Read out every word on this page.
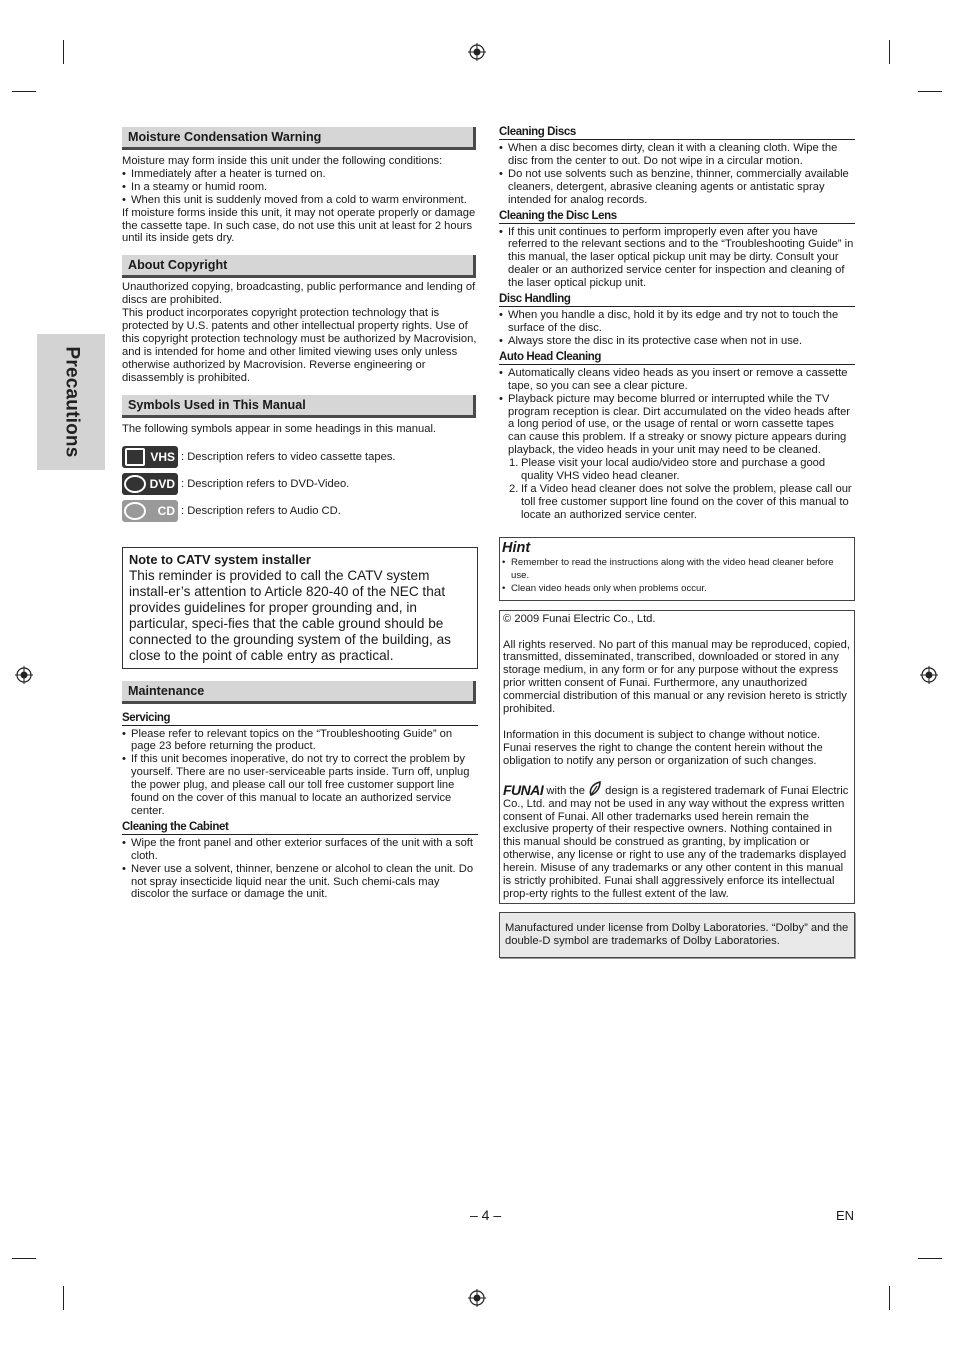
Precautions
Moisture Condensation Warning

Moisture may form inside this unit under the following conditions:

• Immediately after a heater is turned on.
• In a steamy or humid room.
• When this unit is suddenly moved from a cold to warm environment.

If moisture forms inside this unit, it may not operate properly or damage the cassette tape. In such case, do not use this unit at least for 2 hours until its inside gets dry.

About Copyright

Unauthorized copying, broadcasting, public performance and lending of discs are prohibited.

This product incorporates copyright protection technology that is protected by U.S. patents and other intellectual property rights. Use of this copyright protection technology must be authorized by Macrovision, and is intended for home and other limited viewing uses only unless otherwise authorized by Macrovision. Reverse engineering or disassembly is prohibited.

Symbols Used in This Manual

The following symbols appear in some headings in this manual.

VHS : Description refers to video cassette tapes.
DVD : Description refers to DVD-Video.
CD : Description refers to Audio CD.
Note to CATV system installer

This reminder is provided to call the CATV system install-er’s attention to Article 820-40 of the NEC that provides guidelines for proper grounding and, in particular, speci-fies that the cable ground should be connected to the grounding system of the building, as close to the point of cable entry as practical.

Maintenance
Servicing
• Please refer to relevant topics on the “Troubleshooting Guide” on page 23 before returning the product.
• If this unit becomes inoperative, do not try to correct the problem by yourself. There are no user-serviceable parts inside. Turn off, unplug the power plug, and please call our toll free customer support line found on the cover of this manual to locate an authorized service center.
Cleaning the Cabinet
• Wipe the front panel and other exterior surfaces of the unit with a soft cloth.
• Never use a solvent, thinner, benzene or alcohol to clean the unit. Do not spray insecticide liquid near the unit. Such chemi-cals may discolor the surface or damage the unit.
Cleaning Discs
• When a disc becomes dirty, clean it with a cleaning cloth. Wipe the disc from the center to out. Do not wipe in a circular motion.
• Do not use solvents such as benzine, thinner, commercially available cleaners, detergent, abrasive cleaning agents or antistatic spray intended for analog records.
Cleaning the Disc Lens
• If this unit continues to perform improperly even after you have referred to the relevant sections and to the “Troubleshooting Guide” in this manual, the laser optical pickup unit may be dirty. Consult your dealer or an authorized service center for inspection and cleaning of the laser optical pickup unit.
Disc Handling
• When you handle a disc, hold it by its edge and try not to touch the surface of the disc.
• Always store the disc in its protective case when not in use.
Auto Head Cleaning
• Automatically cleans video heads as you insert or remove a cassette tape, so you can see a clear picture.
• Playback picture may become blurred or interrupted while the TV program reception is clear. Dirt accumulated on the video heads after a long period of use, or the usage of rental or worn cassette tapes can cause this problem. If a streaky or snowy picture appears during playback, the video heads in your unit may need to be cleaned.
1. Please visit your local audio/video store and purchase a good quality VHS video head cleaner.
2. If a Video head cleaner does not solve the problem, please call our toll free customer support line found on the cover of this manual to locate an authorized service center.
Hint
• Remember to read the instructions along with the video head cleaner before use.
• Clean video heads only when problems occur.

© 2009 Funai Electric Co., Ltd.

All rights reserved. No part of this manual may be reproduced, copied, transmitted, disseminated, transcribed, downloaded or stored in any storage medium, in any form or for any purpose without the express prior written consent of Funai. Furthermore, any unauthorized commercial distribution of this manual or any revision hereto is strictly prohibited.

Information in this document is subject to change without notice. Funai reserves the right to change the content herein without the obligation to notify any person or organization of such changes.

FUNAI with the design is a registered trademark of Funai Electric Co., Ltd. and may not be used in any way without the express written consent of Funai. All other trademarks used herein remain the exclusive property of their respective owners. Nothing contained in this manual should be construed as granting, by implication or otherwise, any license or right to use any of the trademarks displayed herein. Misuse of any trademarks or any other content in this manual is strictly prohibited. Funai shall aggressively enforce its intellectual prop-erty rights to the fullest extent of the law.

Manufactured under license from Dolby Laboratories. “Dolby” and the double-D symbol are trademarks of Dolby Laboratories.
– 4 –	EN
